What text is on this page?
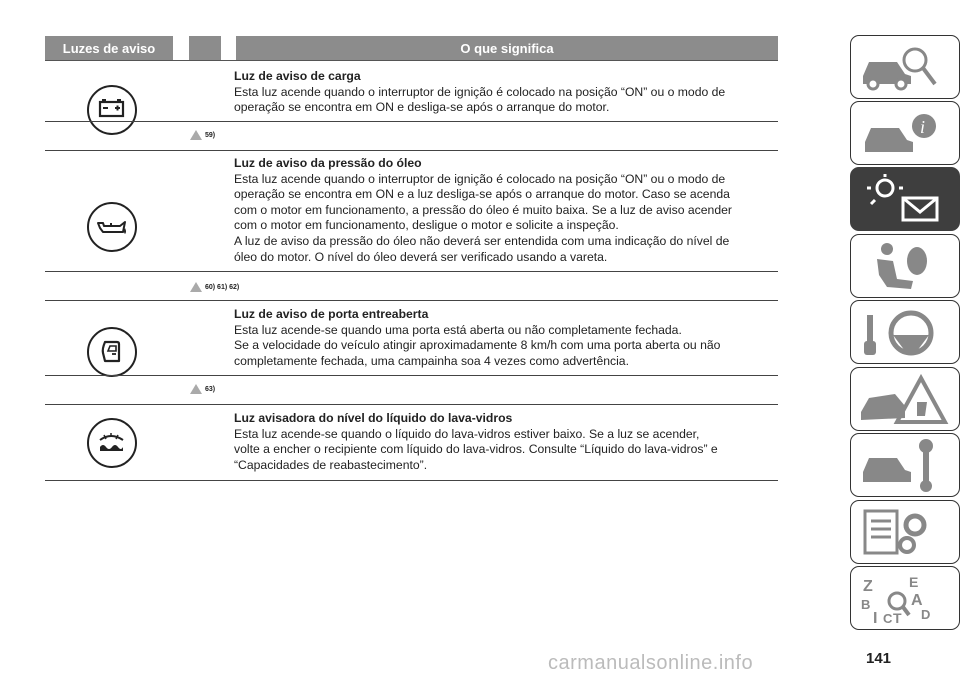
Luzes de aviso	O que significa
Luz de aviso de carga
Esta luz acende quando o interruptor de ignição é colocado na posição “ON” ou o modo de
operação se encontra em ON e desliga-se após o arranque do motor.
59)
Luz de aviso da pressão do óleo
Esta luz acende quando o interruptor de ignição é colocado na posição “ON” ou o modo de
operação se encontra em ON e a luz desliga-se após o arranque do motor. Caso se acenda
com o motor em funcionamento, a pressão do óleo é muito baixa. Se a luz de aviso acender
com o motor em funcionamento, desligue o motor e solicite a inspeção.
A luz de aviso da pressão do óleo não deverá ser entendida com uma indicação do nível de
óleo do motor. O nível do óleo deverá ser verificado usando a vareta.
60) 61) 62)
Luz de aviso de porta entreaberta
Esta luz acende-se quando uma porta está aberta ou não completamente fechada.
Se a velocidade do veículo atingir aproximadamente 8 km/h com uma porta aberta ou não
completamente fechada, uma campainha soa 4 vezes como advertência.
63)
Luz avisadora do nível do líquido do lava-vidros
Esta luz acende-se quando o líquido do lava-vidros estiver baixo. Se a luz se acender,
volte a encher o recipiente com líquido do lava-vidros. Consulte “Líquido do lava-vidros” e
“Capacidades de reabastecimento”.
i
Z	E
B	A
I C T D
carmanualsonline.info	141
